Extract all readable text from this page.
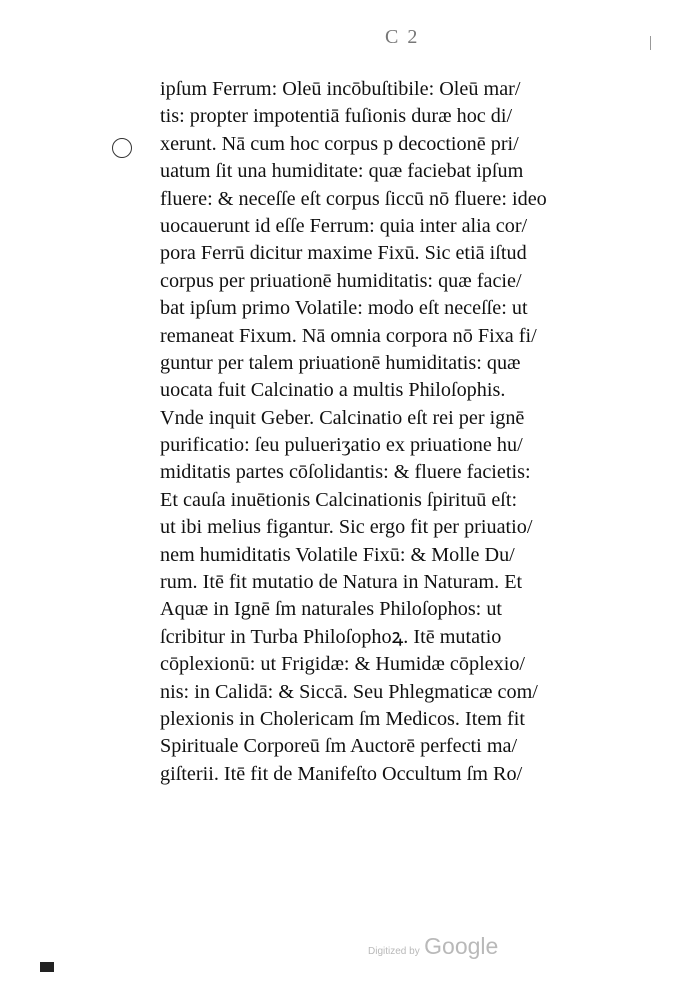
C 2
ipſum Ferrum: Oleū incōbuſtibile: Oleū mar/
tis: propter impotentiā fuſionis duræ hoc di/
xerunt. Nā cum hoc corpus p decoctionē pri/
uatum ſit una humiditate: quæ faciebat ipſum
fluere: & neceſſe eſt corpus ſiccū nō fluere: ideo
uocauerunt id eſſe Ferrum: quia inter alia cor/
pora Ferrū dicitur maxime Fixū. Sic etiā iſtud
corpus per priuationē humiditatis: quæ facie/
bat ipſum primo Volatile: modo eſt neceſſe: ut
remaneat Fixum. Nā omnia corpora nō Fixa fi/
guntur per talem priuationē humiditatis: quæ
uocata fuit Calcinatio a multis Philoſophis.
Vnde inquit Geber. Calcinatio eſt rei per ignē
purificatio: ſeu pulueriʒatio ex priuatione hu/
miditatis partes cōſolidantis: & fluere facietis:
Et cauſa inuētionis Calcinationis ſpirituū eſt:
ut ibi melius figantur. Sic ergo fit per priuatio/
nem humiditatis Volatile Fixū: & Molle Du/
rum. Itē fit mutatio de Natura in Naturam. Et
Aquæ in Ignē ſm naturales Philoſophos: ut
ſcribitur in Turba Philoſophoꝝ. Itē mutatio
cōplexionū: ut Frigidæ: & Humidæ cōplexio/
nis: in Calidā: & Siccā. Seu Phlegmaticæ com/
plexionis in Cholericam ſm Medicos. Item fit
Spirituale Corporeū ſm Auctorē perfecti ma/
giſterii. Itē fit de Manifeſto Occultum ſm Ro/
Digitized by Google
